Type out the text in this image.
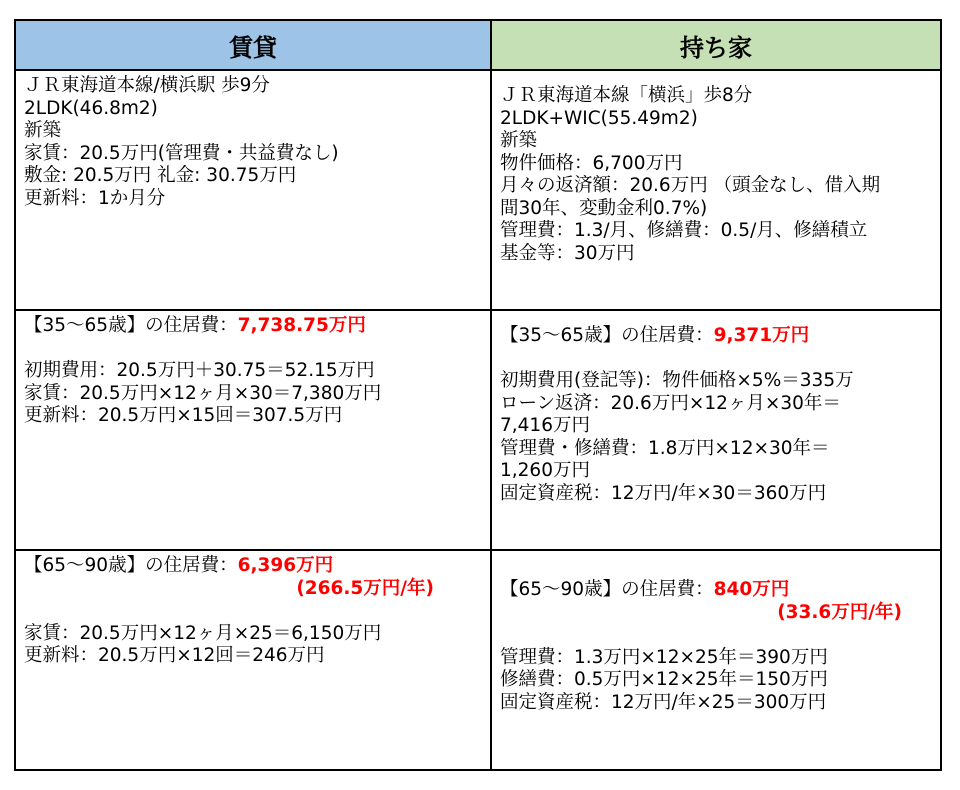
賃貸	持ち家
ＪＲ東海道本線/横浜駅 歩9分
2LDK(46.8m2)
新築
家賃：20.5万円(管理費・共益費なし)
敷金: 20.5万円 礼金: 30.75万円
更新料：1か月分
ＪＲ東海道本線「横浜」歩8分
2LDK+WIC(55.49m2)
新築
物件価格：6,700万円
月々の返済額：20.6万円 （頭金なし、借入期
間30年、変動金利0.7%)
管理費：1.3/月、修繕費：0.5/月、修繕積立
基金等：30万円
【35～65歳】の住居費：7,738.75万円
初期費用：20.5万円＋30.75＝52.15万円
家賃：20.5万円×12ヶ月×30＝7,380万円
更新料：20.5万円×15回＝307.5万円
【35～65歳】の住居費：9,371万円
初期費用(登記等)：物件価格×5%＝335万
ローン返済：20.6万円×12ヶ月×30年＝
7,416万円
管理費・修繕費：1.8万円×12×30年＝
1,260万円
固定資産税：12万円/年×30＝360万円
【65～90歳】の住居費：6,396万円
(266.5万円/年)
家賃：20.5万円×12ヶ月×25＝6,150万円
更新料：20.5万円×12回＝246万円
【65～90歳】の住居費：840万円
(33.6万円/年)
管理費：1.3万円×12×25年＝390万円
修繕費：0.5万円×12×25年＝150万円
固定資産税：12万円/年×25＝300万円
